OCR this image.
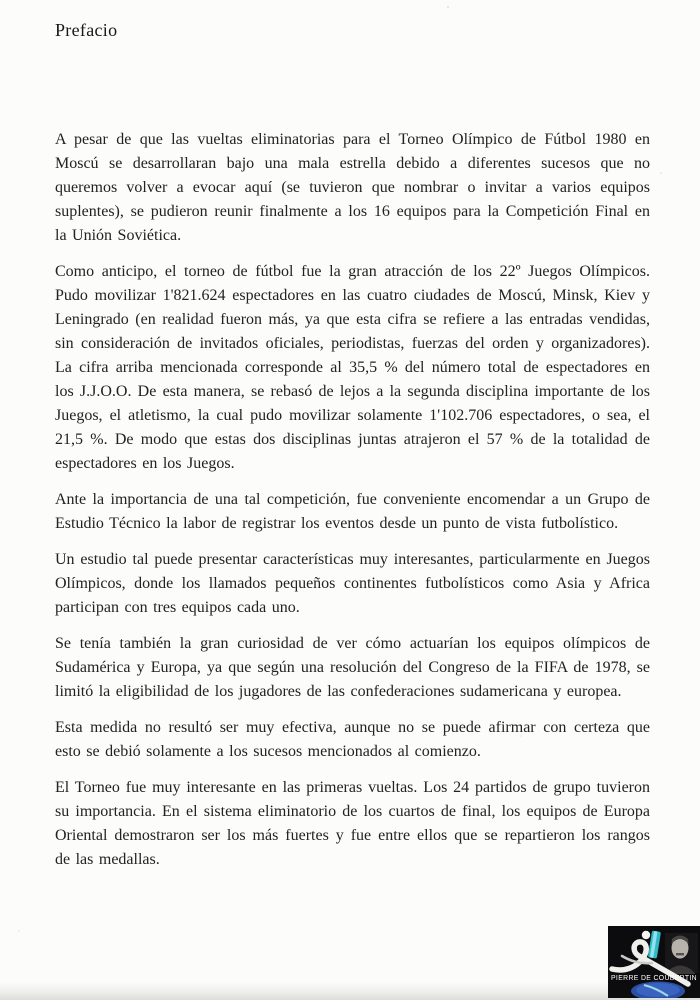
Prefacio

A pesar de que las vueltas eliminatorias para el Torneo Olímpico de Fútbol 1980 en Moscú se desarrollaran bajo una mala estrella debido a diferentes sucesos que no queremos volver a evocar aquí (se tuvieron que nombrar o invitar a varios equipos suplentes), se pudieron reunir finalmente a los 16 equipos para la Competición Final en la Unión Soviética.

Como anticipo, el torneo de fútbol fue la gran atracción de los 22º Juegos Olímpicos. Pudo movilizar 1'821.624 espectadores en las cuatro ciudades de Moscú, Minsk, Kiev y Leningrado (en realidad fueron más, ya que esta cifra se refiere a las entradas vendidas, sin consideración de invitados oficiales, periodistas, fuerzas del orden y organizadores). La cifra arriba mencionada corresponde al 35,5 % del número total de espectadores en los J.J.O.O. De esta manera, se rebasó de lejos a la segunda disciplina importante de los Juegos, el atletismo, la cual pudo movilizar solamente 1'102.706 espectadores, o sea, el 21,5 %. De modo que estas dos disciplinas juntas atrajeron el 57 % de la totalidad de espectadores en los Juegos.

Ante la importancia de una tal competición, fue conveniente encomendar a un Grupo de Estudio Técnico la labor de registrar los eventos desde un punto de vista futbolístico.

Un estudio tal puede presentar características muy interesantes, particularmente en Juegos Olímpicos, donde los llamados pequeños continentes futbolísticos como Asia y Africa participan con tres equipos cada uno.

Se tenía también la gran curiosidad de ver cómo actuarían los equipos olímpicos de Sudamérica y Europa, ya que según una resolución del Congreso de la FIFA de 1978, se limitó la eligibilidad de los jugadores de las confederaciones sudamericana y europea.

Esta medida no resultó ser muy efectiva, aunque no se puede afirmar con certeza que esto se debió solamente a los sucesos mencionados al comienzo.

El Torneo fue muy interesante en las primeras vueltas. Los 24 partidos de grupo tuvieron su importancia. En el sistema eliminatorio de los cuartos de final, los equipos de Europa Oriental demostraron ser los más fuertes y fue entre ellos que se repartieron los rangos de las medallas.

PIERRE DE COUBERTIN
